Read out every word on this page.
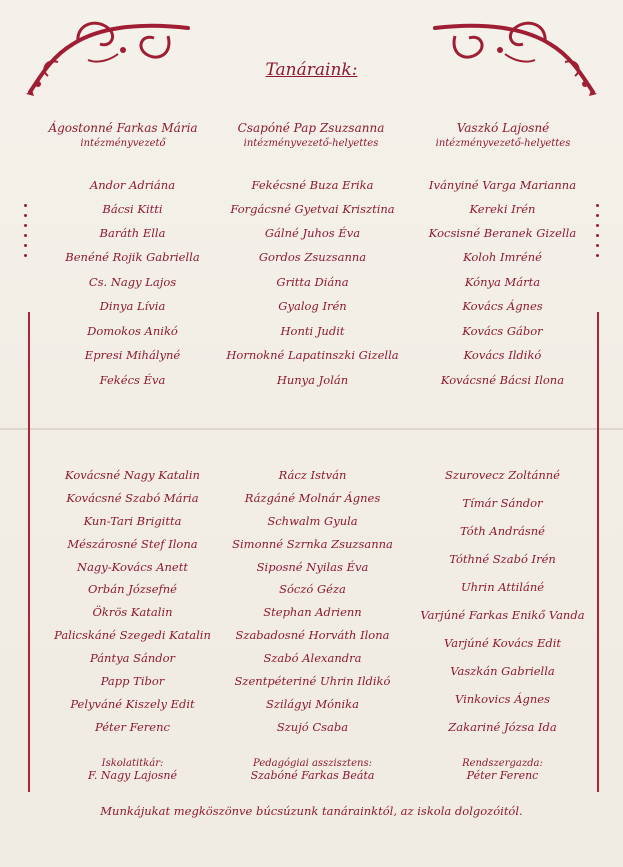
Tanáraink:
Ágostonné Farkas Mária
intézményvezető
Csapóné Pap Zsuzsanna
intézményvezető-helyettes
Vaszkó Lajosné
intézményvezető-helyettes
Andor Adriána
Bácsi Kitti
Baráth Ella
Benéné Rojik Gabriella
Cs. Nagy Lajos
Dinya Lívia
Domokos Anikó
Epresi Mihályné
Fekécs Éva
Fekécsné Buza Erika
Forgácsné Gyetvai Krisztina
Gálné Juhos Éva
Gordos Zsuzsanna
Gritta Diána
Gyalog Irén
Honti Judit
Hornokné Lapatinszki Gizella
Hunya Jolán
Iványiné Varga Marianna
Kereki Irén
Kocsisné Beranek Gizella
Koloh Imréné
Kónya Márta
Kovács Ágnes
Kovács Gábor
Kovács Ildikó
Kovácsné Bácsi Ilona
Kovácsné Nagy Katalin
Kovácsné Szabó Mária
Kun-Tari Brigitta
Mészárosné Stef Ilona
Nagy-Kovács Anett
Orbán Józsefné
Ökrös Katalin
Palicskáné Szegedi Katalin
Pántya Sándor
Papp Tibor
Pelyváné Kiszely Edit
Péter Ferenc
Rácz István
Rázgáné Molnár Ágnes
Schwalm Gyula
Simonné Szrnka Zsuzsanna
Siposné Nyilas Éva
Sóczó Géza
Stephan Adrienn
Szabadosné Horváth Ilona
Szabó Alexandra
Szentpéteriné Uhrin Ildikó
Szilágyi Mónika
Szujó Csaba
Szurovecz Zoltánné
Tímár Sándor
Tóth Andrásné
Tóthné Szabó Irén
Uhrin Attiláné
Varjúné Farkas Enikő Vanda
Varjúné Kovács Edit
Vaszkán Gabriella
Vinkovics Ágnes
Zakariné Józsa Ida
Iskolatitkár:
F. Nagy Lajosné
Pedagógiai asszisztens:
Szabóné Farkas Beáta
Rendszergazda:
Péter Ferenc
Munkájukat megköszönve búcsúzunk tanárainktól, az iskola dolgozóitól.
